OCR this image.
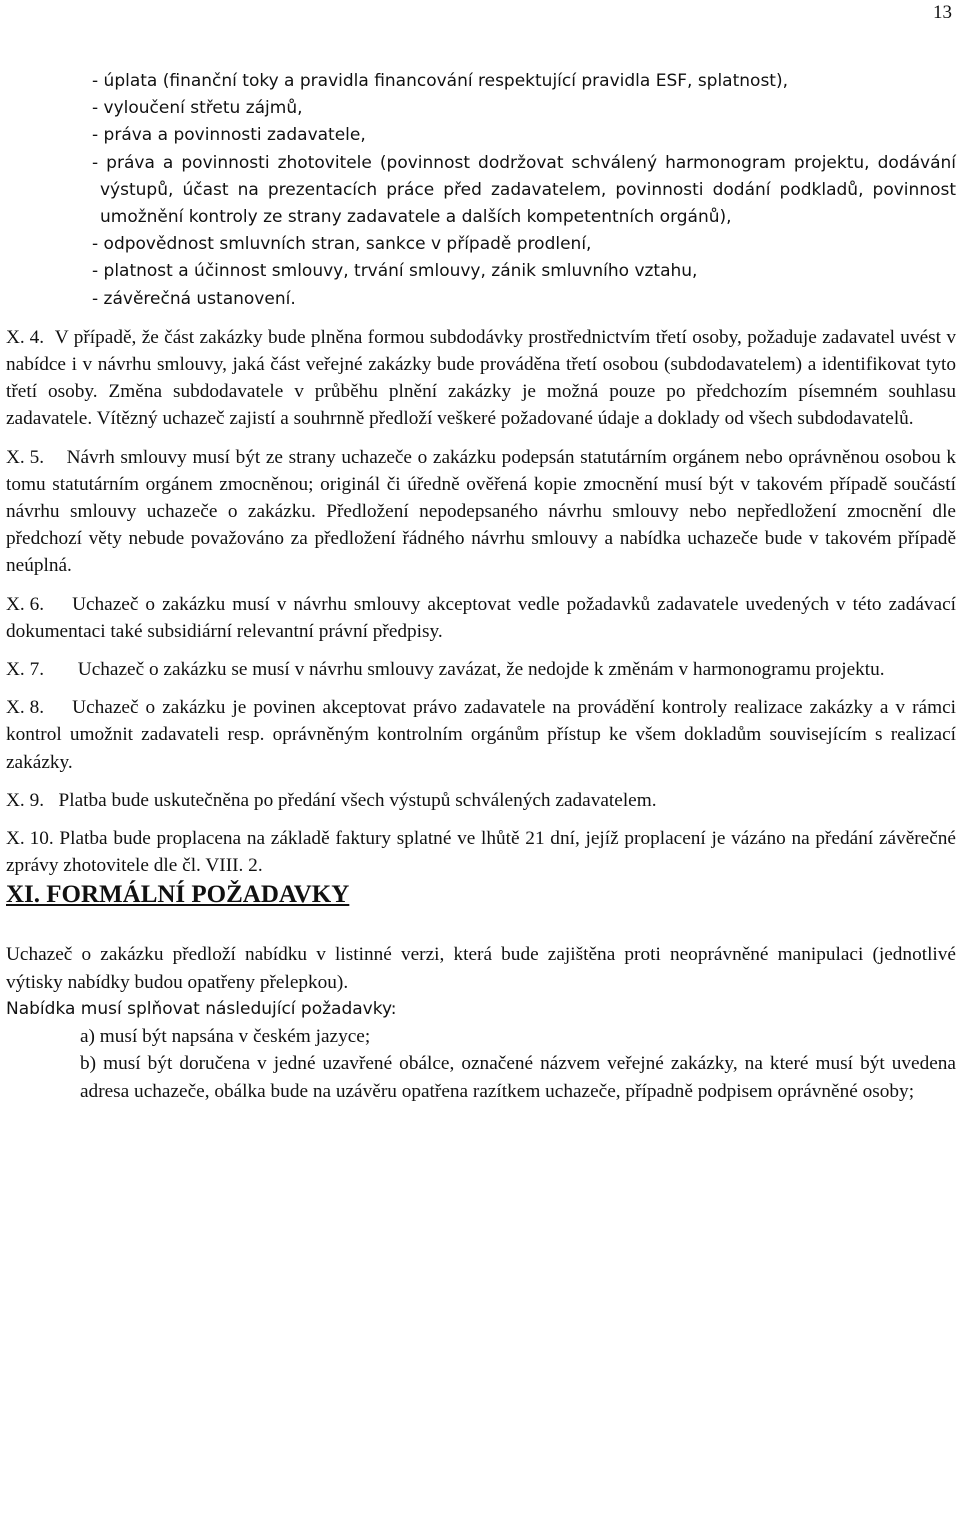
13
- úplata (finanční toky a pravidla financování respektující pravidla ESF, splatnost),
- vyloučení střetu zájmů,
- práva a povinnosti zadavatele,
- práva a povinnosti zhotovitele (povinnost dodržovat schválený harmonogram projektu, dodávání výstupů, účast na prezentacích práce před zadavatelem, povinnosti dodání podkladů, povinnost umožnění kontroly ze strany zadavatele a dalších kompetentních orgánů),
- odpovědnost smluvních stran, sankce v případě prodlení,
- platnost a účinnost smlouvy, trvání smlouvy, zánik smluvního vztahu,
- závěrečná ustanovení.

X. 4. V případě, že část zakázky bude plněna formou subdodávky prostřednictvím třetí osoby, požaduje zadavatel uvést v nabídce i v návrhu smlouvy, jaká část veřejné zakázky bude prováděna třetí osobou (subdodavatelem) a identifikovat tyto třetí osoby. Změna subdodavatele v průběhu plnění zakázky je možná pouze po předchozím písemném souhlasu zadavatele. Vítězný uchazeč zajistí a souhrnně předloží veškeré požadované údaje a doklady od všech subdodavatelů.

X. 5. Návrh smlouvy musí být ze strany uchazeče o zakázku podepsán statutárním orgánem nebo oprávněnou osobou k tomu statutárním orgánem zmocněnou; originál či úředně ověřená kopie zmocnění musí být v takovém případě součástí návrhu smlouvy uchazeče o zakázku. Předložení nepodepsaného návrhu smlouvy nebo nepředložení zmocnění dle předchozí věty nebude považováno za předložení řádného návrhu smlouvy a nabídka uchazeče bude v takovém případě neúplná.

X. 6. Uchazeč o zakázku musí v návrhu smlouvy akceptovat vedle požadavků zadavatele uvedených v této zadávací dokumentaci také subsidiární relevantní právní předpisy.

X. 7. Uchazeč o zakázku se musí v návrhu smlouvy zavázat, že nedojde k změnám v harmonogramu projektu.

X. 8. Uchazeč o zakázku je povinen akceptovat právo zadavatele na provádění kontroly realizace zakázky a v rámci kontrol umožnit zadavateli resp. oprávněným kontrolním orgánům přístup ke všem dokladům souvisejícím s realizací zakázky.

X. 9. Platba bude uskutečněna po předání všech výstupů schválených zadavatelem.

X. 10. Platba bude proplacena na základě faktury splatné ve lhůtě 21 dní, jejíž proplacení je vázáno na předání závěrečné zprávy zhotovitele dle čl. VIII. 2.

XI. FORMÁLNÍ POŽADAVKY

Uchazeč o zakázku předloží nabídku v listinné verzi, která bude zajištěna proti neoprávněné manipulaci (jednotlivé výtisky nabídky budou opatřeny přelepkou).

Nabídka musí splňovat následující požadavky:

a) musí být napsána v českém jazyce;

b) musí být doručena v jedné uzavřené obálce, označené názvem veřejné zakázky, na které musí být uvedena adresa uchazeče, obálka bude na uzávěru opatřena razítkem uchazeče, případně podpisem oprávněné osoby;
